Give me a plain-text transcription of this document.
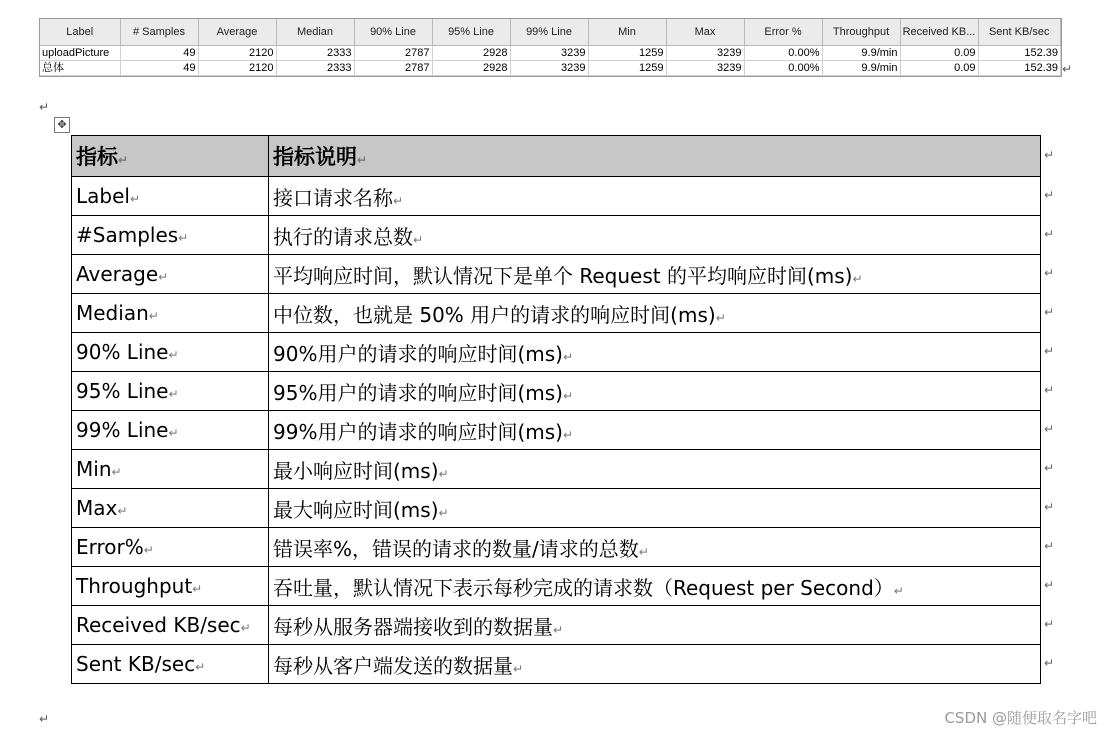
Label	# Samples	Average	Median	90% Line	95% Line	99% Line	Min	Max	Error %	Throughput	Received KB...	Sent KB/sec
uploadPicture	49	2120	2333	2787	2928	3239	1259	3239	0.00%	9.9/min	0.09	152.39
总体	49	2120	2333	2787	2928	3239	1259	3239	0.00%	9.9/min	0.09	152.39 ↵
↵
✥
指标↵	指标说明↵
Label↵	接口请求名称↵
#Samples↵	执行的请求总数↵
Average↵	平均响应时间，默认情况下是单个 Request 的平均响应时间(ms)↵
Median↵	中位数，也就是 50% 用户的请求的响应时间(ms)↵
90% Line↵	90%用户的请求的响应时间(ms)↵
95% Line↵	95%用户的请求的响应时间(ms)↵
99% Line↵	99%用户的请求的响应时间(ms)↵
Min↵	最小响应时间(ms)↵
Max↵	最大响应时间(ms)↵
Error%↵	错误率%，错误的请求的数量/请求的总数↵
Throughput↵	吞吐量，默认情况下表示每秒完成的请求数（Request per Second）↵
Received KB/sec↵	每秒从服务器端接收到的数据量↵
Sent KB/sec↵	每秒从客户端发送的数据量↵
↵
↵
↵
↵
↵
↵
↵
↵
↵
↵
↵
↵
↵
↵
↵	CSDN @随便取名字吧
